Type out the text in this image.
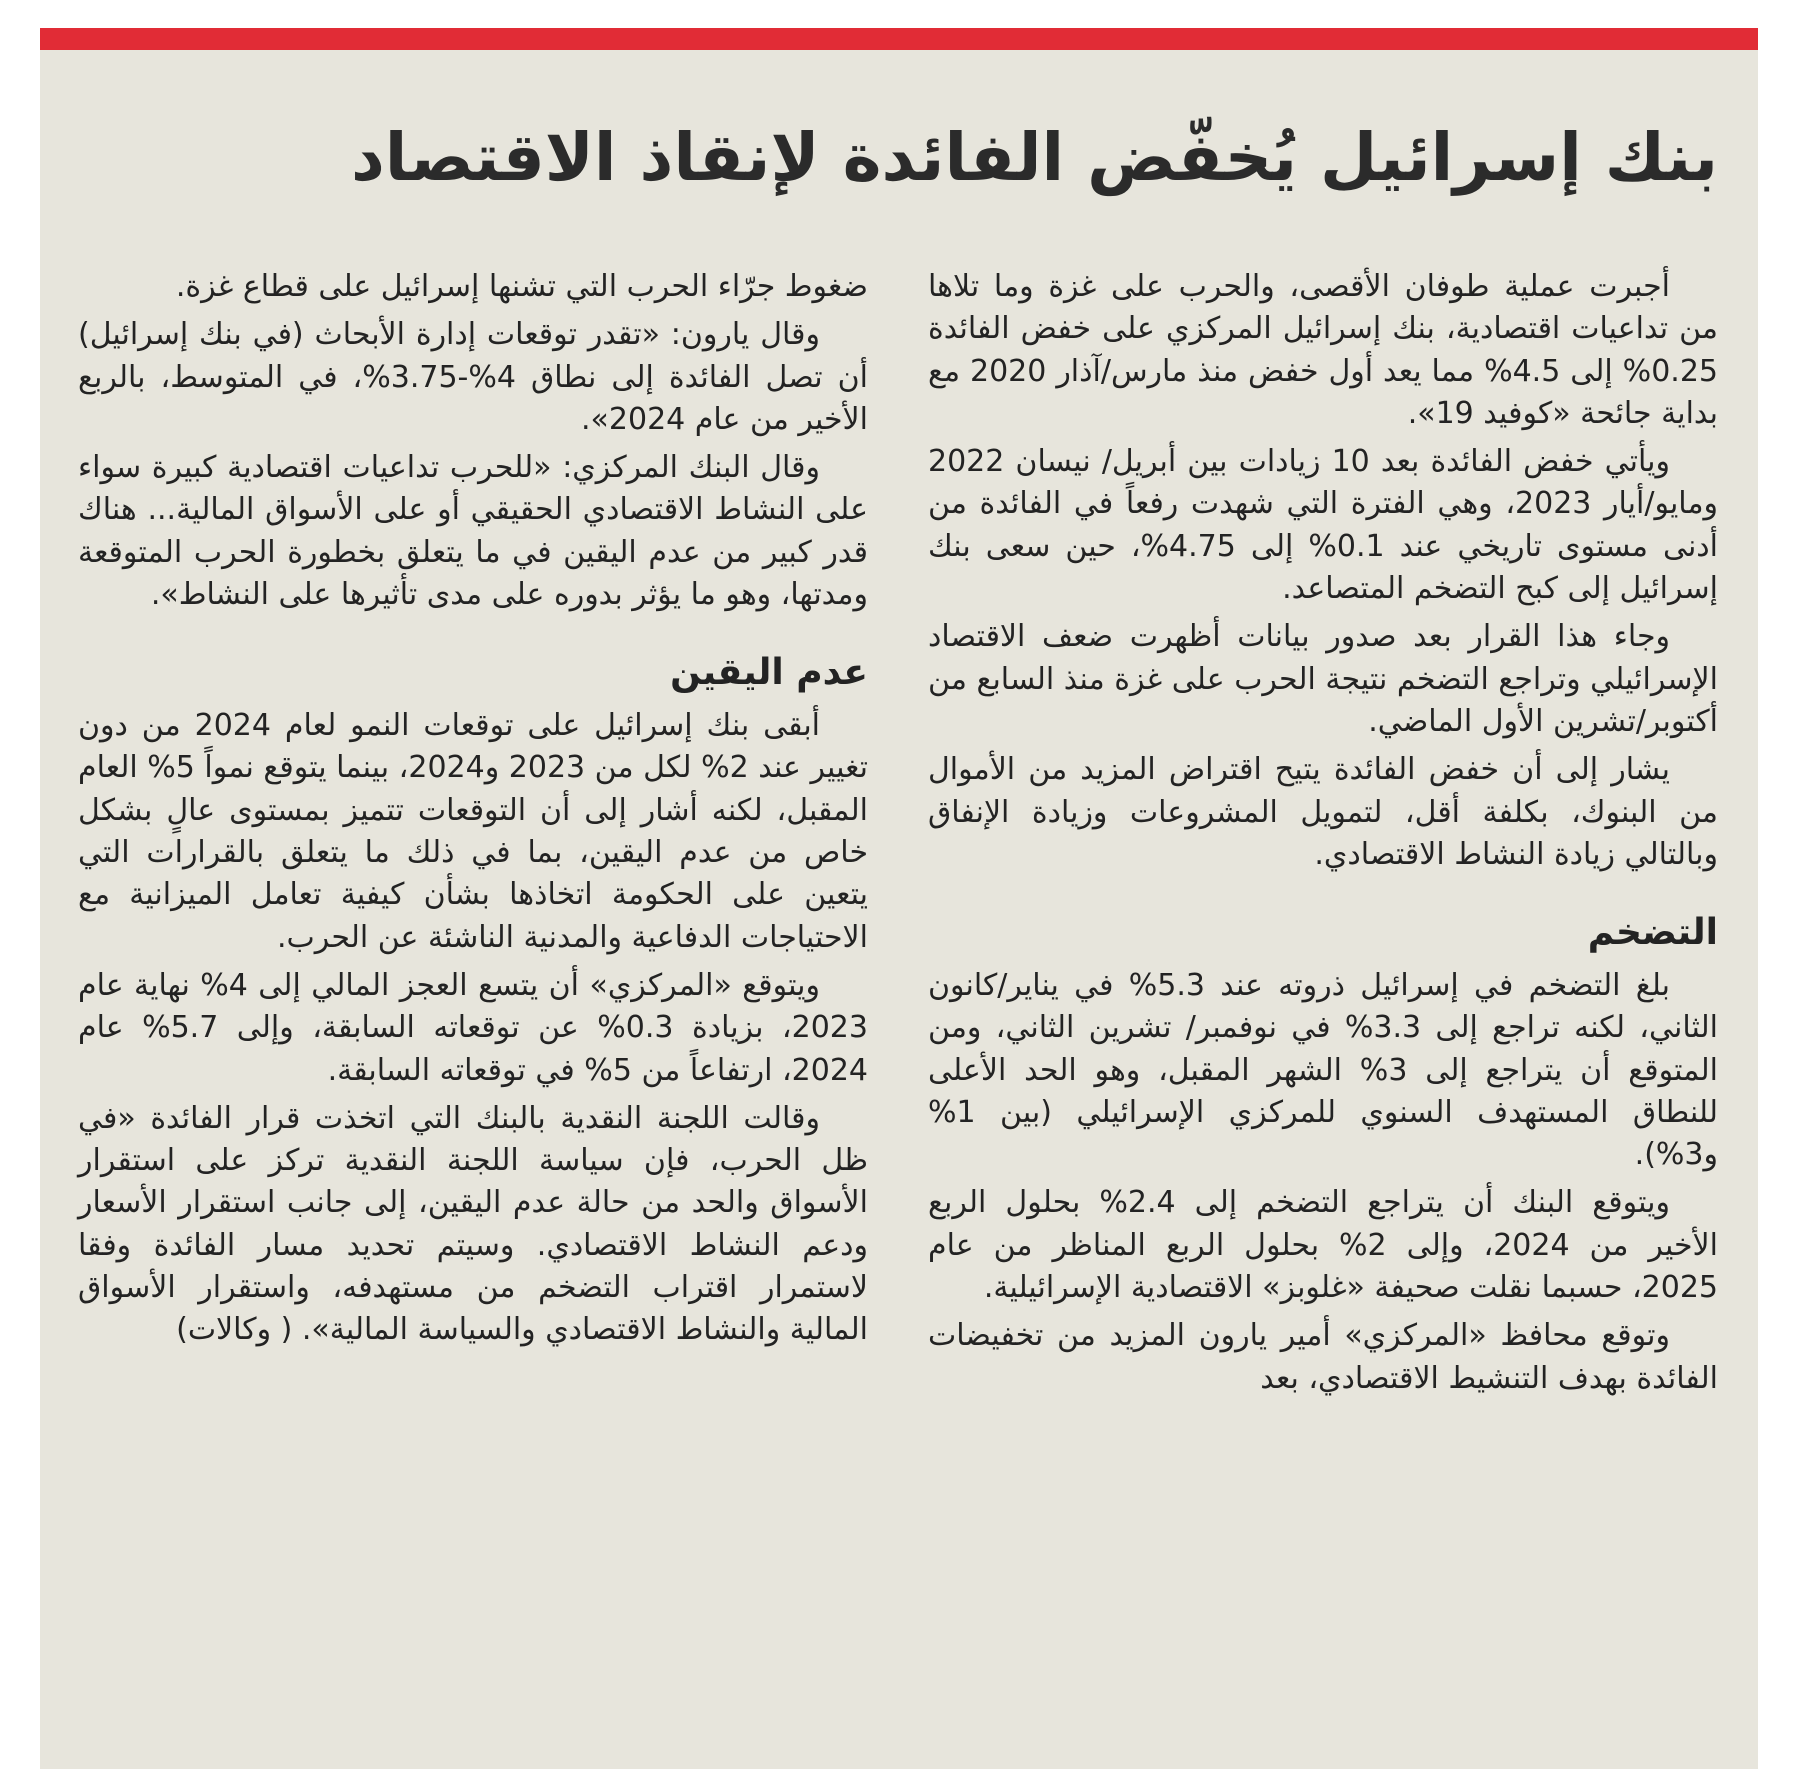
بنك إسرائيل يُخفّض الفائدة لإنقاذ الاقتصاد

أجبرت عملية طوفان الأقصى، والحرب على غزة وما تلاها من تداعيات اقتصادية، بنك إسرائيل المركزي على خفض الفائدة 0.25% إلى 4.5% مما يعد أول خفض منذ مارس/آذار 2020 مع بداية جائحة «كوفيد 19».

ويأتي خفض الفائدة بعد 10 زيادات بين أبريل/ نيسان 2022 ومايو/أيار 2023، وهي الفترة التي شهدت رفعاً في الفائدة من أدنى مستوى تاريخي عند 0.1% إلى 4.75%، حين سعى بنك إسرائيل إلى كبح التضخم المتصاعد.

وجاء هذا القرار بعد صدور بيانات أظهرت ضعف الاقتصاد الإسرائيلي وتراجع التضخم نتيجة الحرب على غزة منذ السابع من أكتوبر/تشرين الأول الماضي.

يشار إلى أن خفض الفائدة يتيح اقتراض المزيد من الأموال من البنوك، بكلفة أقل، لتمويل المشروعات وزيادة الإنفاق وبالتالي زيادة النشاط الاقتصادي.

التضخم

بلغ التضخم في إسرائيل ذروته عند 5.3% في يناير/كانون الثاني، لكنه تراجع إلى 3.3% في نوفمبر/ تشرين الثاني، ومن المتوقع أن يتراجع إلى 3% الشهر المقبل، وهو الحد الأعلى للنطاق المستهدف السنوي للمركزي الإسرائيلي (بين 1% و3%).

ويتوقع البنك أن يتراجع التضخم إلى 2.4% بحلول الربع الأخير من 2024، وإلى 2% بحلول الربع المناظر من عام 2025، حسبما نقلت صحيفة «غلوبز» الاقتصادية الإسرائيلية.

وتوقع محافظ «المركزي» أمير يارون المزيد من تخفيضات الفائدة بهدف التنشيط الاقتصادي، بعد

ضغوط جرّاء الحرب التي تشنها إسرائيل على قطاع غزة.

وقال يارون: «تقدر توقعات إدارة الأبحاث (في بنك إسرائيل) أن تصل الفائدة إلى نطاق 4%-3.75%، في المتوسط، بالربع الأخير من عام 2024».

وقال البنك المركزي: «للحرب تداعيات اقتصادية كبيرة سواء على النشاط الاقتصادي الحقيقي أو على الأسواق المالية... هناك قدر كبير من عدم اليقين في ما يتعلق بخطورة الحرب المتوقعة ومدتها، وهو ما يؤثر بدوره على مدى تأثيرها على النشاط».

عدم اليقين

أبقى بنك إسرائيل على توقعات النمو لعام 2024 من دون تغيير عند 2% لكل من 2023 و2024، بينما يتوقع نمواً 5% العام المقبل، لكنه أشار إلى أن التوقعات تتميز بمستوى عالٍ بشكل خاص من عدم اليقين، بما في ذلك ما يتعلق بالقرارات التي يتعين على الحكومة اتخاذها بشأن كيفية تعامل الميزانية مع الاحتياجات الدفاعية والمدنية الناشئة عن الحرب.

ويتوقع «المركزي» أن يتسع العجز المالي إلى 4% نهاية عام 2023، بزيادة 0.3% عن توقعاته السابقة، وإلى 5.7% عام 2024، ارتفاعاً من 5% في توقعاته السابقة.

وقالت اللجنة النقدية بالبنك التي اتخذت قرار الفائدة «في ظل الحرب، فإن سياسة اللجنة النقدية تركز على استقرار الأسواق والحد من حالة عدم اليقين، إلى جانب استقرار الأسعار ودعم النشاط الاقتصادي. وسيتم تحديد مسار الفائدة وفقا لاستمرار اقتراب التضخم من مستهدفه، واستقرار الأسواق المالية والنشاط الاقتصادي والسياسة المالية». ( وكالات)
